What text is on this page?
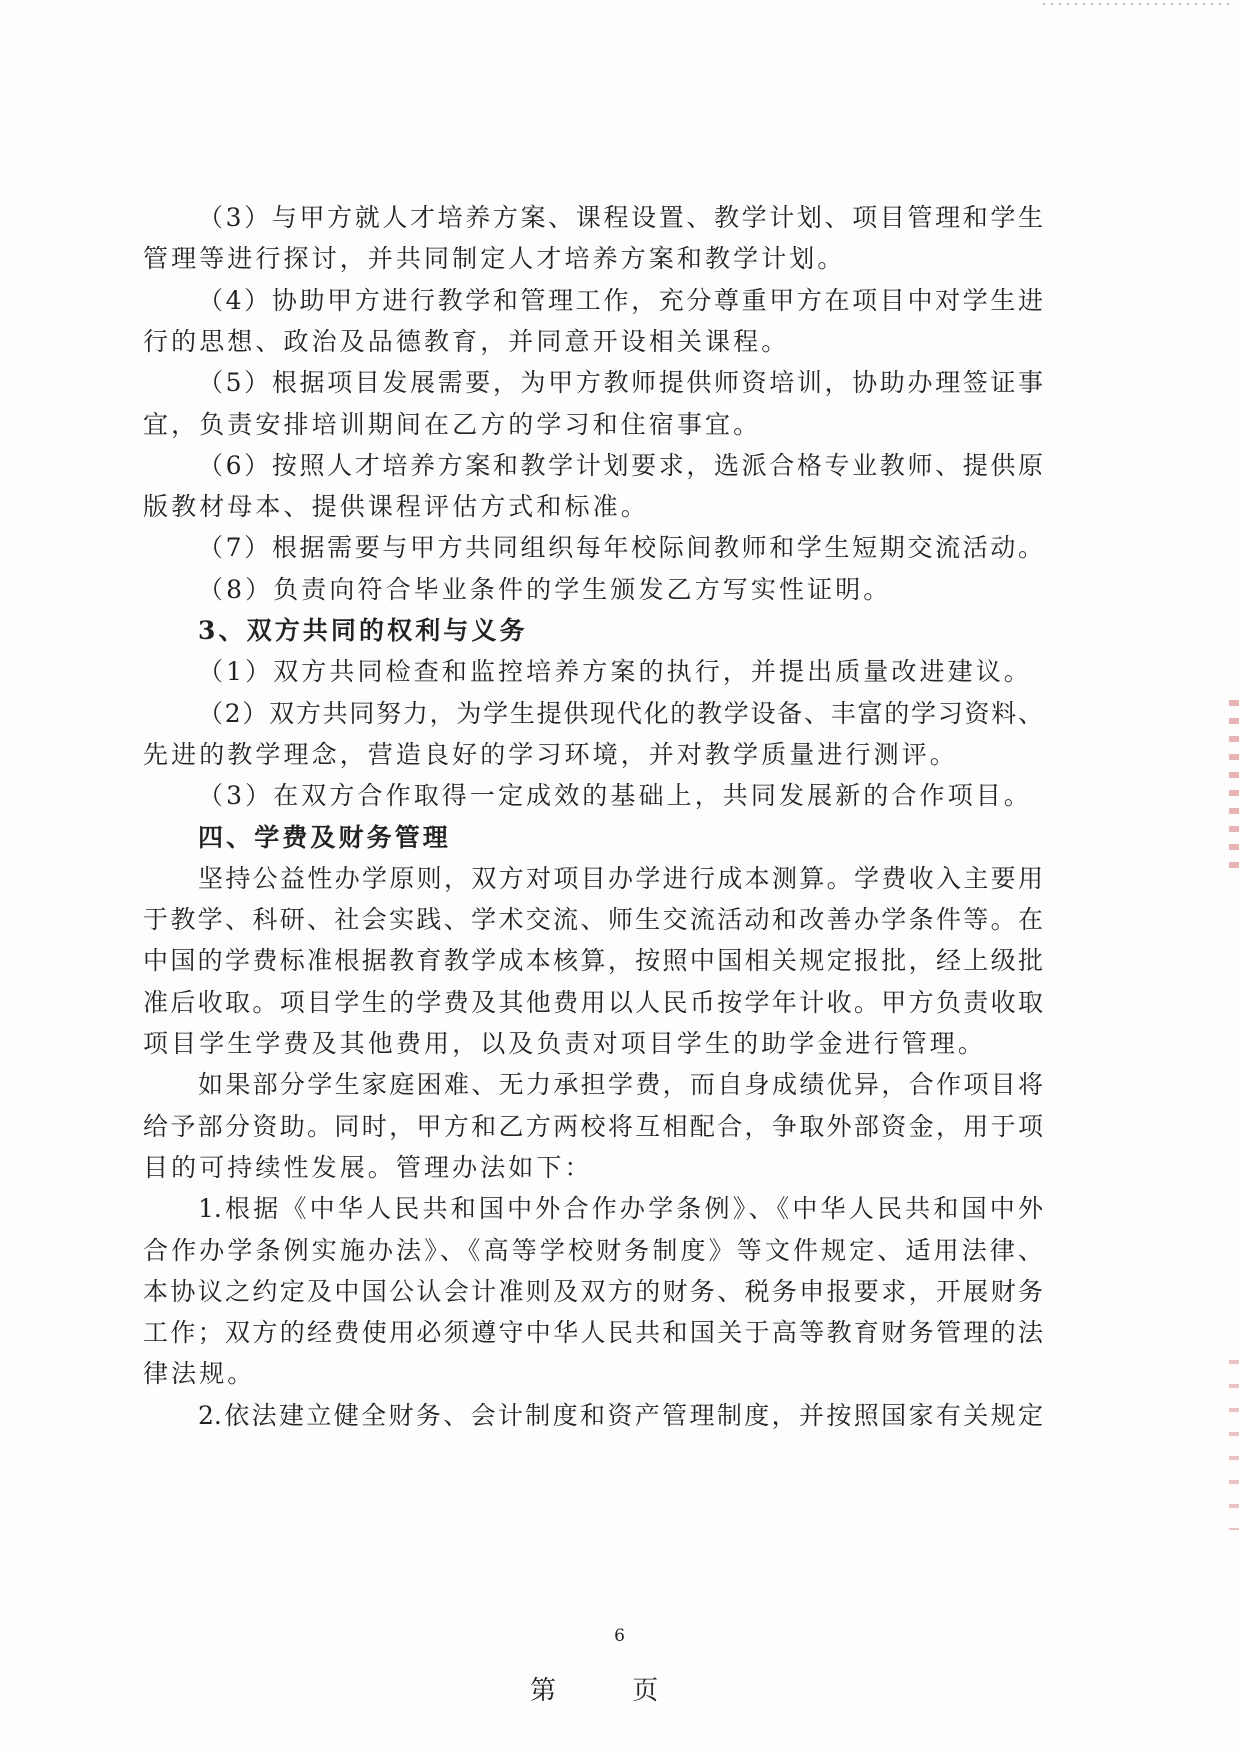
（3）与甲方就人才培养方案、课程设置、教学计划、项目管理和学生
管理等进行探讨，并共同制定人才培养方案和教学计划。
（4）协助甲方进行教学和管理工作，充分尊重甲方在项目中对学生进
行的思想、政治及品德教育，并同意开设相关课程。
（5）根据项目发展需要，为甲方教师提供师资培训，协助办理签证事
宜，负责安排培训期间在乙方的学习和住宿事宜。
（6）按照人才培养方案和教学计划要求，选派合格专业教师、提供原
版教材母本、提供课程评估方式和标准。
（7）根据需要与甲方共同组织每年校际间教师和学生短期交流活动。
（8）负责向符合毕业条件的学生颁发乙方写实性证明。
3、双方共同的权利与义务
（1）双方共同检查和监控培养方案的执行，并提出质量改进建议。
（2）双方共同努力，为学生提供现代化的教学设备、丰富的学习资料、
先进的教学理念，营造良好的学习环境，并对教学质量进行测评。
（3）在双方合作取得一定成效的基础上，共同发展新的合作项目。
四、学费及财务管理
坚持公益性办学原则，双方对项目办学进行成本测算。学费收入主要用
于教学、科研、社会实践、学术交流、师生交流活动和改善办学条件等。在
中国的学费标准根据教育教学成本核算，按照中国相关规定报批，经上级批
准后收取。项目学生的学费及其他费用以人民币按学年计收。甲方负责收取
项目学生学费及其他费用，以及负责对项目学生的助学金进行管理。
如果部分学生家庭困难、无力承担学费，而自身成绩优异，合作项目将
给予部分资助。同时，甲方和乙方两校将互相配合，争取外部资金，用于项
目的可持续性发展。管理办法如下：
1.根据《中华人民共和国中外合作办学条例》、《中华人民共和国中外
合作办学条例实施办法》、《高等学校财务制度》等文件规定、适用法律、
本协议之约定及中国公认会计准则及双方的财务、税务申报要求，开展财务
工作；双方的经费使用必须遵守中华人民共和国关于高等教育财务管理的法
律法规。
2.依法建立健全财务、会计制度和资产管理制度，并按照国家有关规定
6
第 页
